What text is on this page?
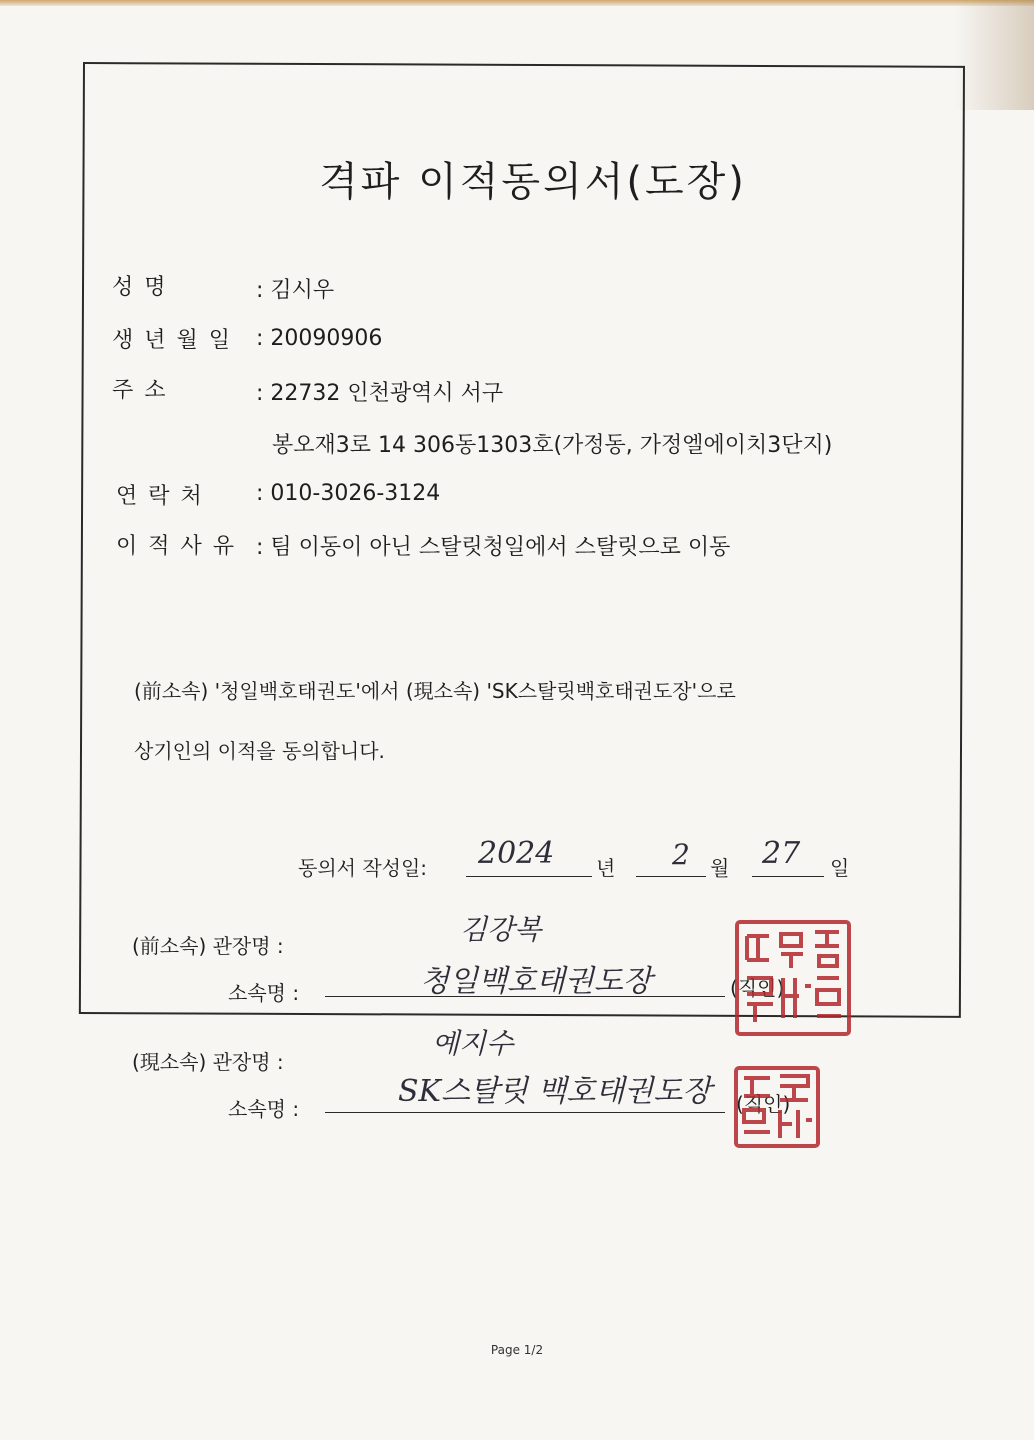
격파 이적동의서(도장)
성 명	: 김시우
생 년 월 일 : 20090906
주 소	: 22732 인천광역시 서구
봉오재3로 14 306동1303호(가정동, 가정엘에이치3단지)
연 락 처 : 010-3026-3124
이 적 사 유 : 팀 이동이 아닌 스탈릿청일에서 스탈릿으로 이동
(前소속) '청일백호태권도'에서 (現소속) 'SK스탈릿백호태권도장'으로
상기인의 이적을 동의합니다.
동의서 작성일: 2024 년 2 월 27 일
(前소속) 관장명 :	김강복
소속명 :	청일백호태권도장	(직인)
(現소속) 관장명 :
예지수
소속명 :	SK스탈릿 백호태권도장 (직인)
Page 1/2
